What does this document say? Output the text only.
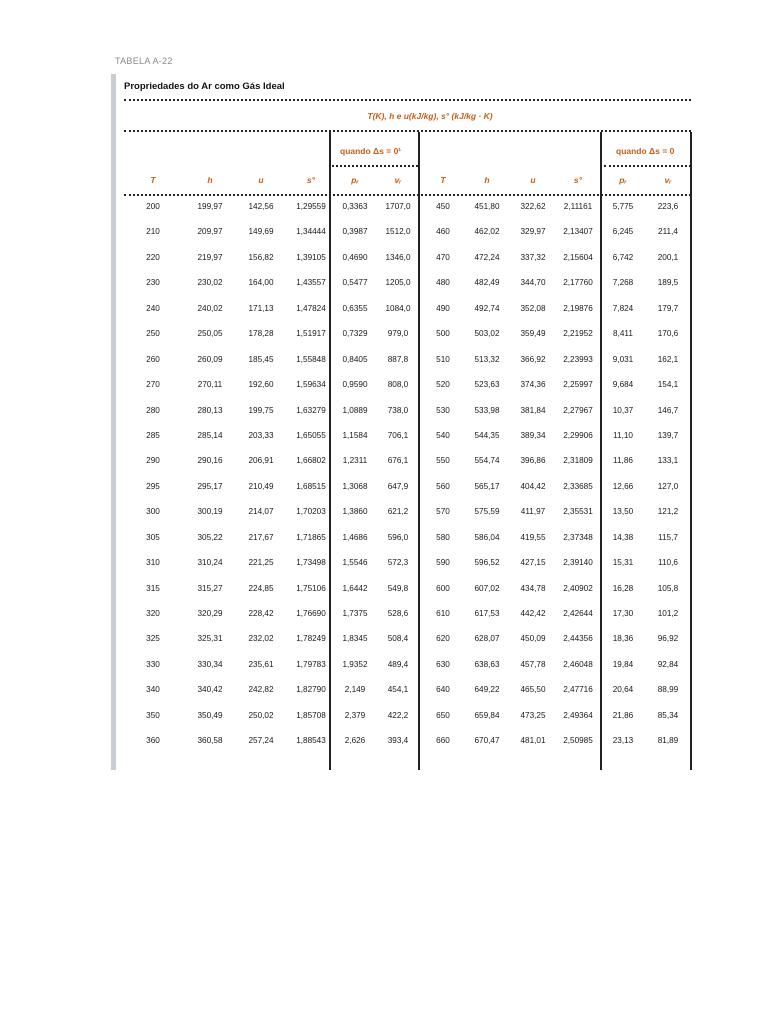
TABELA A-22
Propriedades do Ar como Gás Ideal
T(K), h e u(kJ/kg), s° (kJ/kg · K)
quando Δs = 0¹	quando Δs = 0
T	h	u	s°	pᵣ	vᵣ	T	h	u	s°	pᵣ	vᵣ
200	199,97	142,56	1,29559	0,3363	1707,0	450	451,80	322,62	2,11161	5,775	223,6
210	209,97	149,69	1,34444	0,3987	1512,0	460	462,02	329,97	2,13407	6,245	211,4
220	219,97	156,82	1,39105	0,4690	1346,0	470	472,24	337,32	2,15604	6,742	200,1
230	230,02	164,00	1,43557	0,5477	1205,0	480	482,49	344,70	2,17760	7,268	189,5
240	240,02	171,13	1,47824	0,6355	1084,0	490	492,74	352,08	2,19876	7,824	179,7
250	250,05	178,28	1,51917	0,7329	979,0	500	503,02	359,49	2,21952	8,411	170,6
260	260,09	185,45	1,55848	0,8405	887,8	510	513,32	366,92	2,23993	9,031	162,1
270	270,11	192,60	1,59634	0,9590	808,0	520	523,63	374,36	2,25997	9,684	154,1
280	280,13	199,75	1,63279	1,0889	738,0	530	533,98	381,84	2,27967	10,37	146,7
285	285,14	203,33	1,65055	1,1584	706,1	540	544,35	389,34	2,29906	11,10	139,7
290	290,16	206,91	1,66802	1,2311	676,1	550	554,74	396,86	2,31809	11,86	133,1
295	295,17	210,49	1,68515	1,3068	647,9	560	565,17	404,42	2,33685	12,66	127,0
300	300,19	214,07	1,70203	1,3860	621,2	570	575,59	411,97	2,35531	13,50	121,2
305	305,22	217,67	1,71865	1,4686	596,0	580	586,04	419,55	2,37348	14,38	115,7
310	310,24	221,25	1,73498	1,5546	572,3	590	596,52	427,15	2,39140	15,31	110,6
315	315,27	224,85	1,75106	1,6442	549,8	600	607,02	434,78	2,40902	16,28	105,8
320	320,29	228,42	1,76690	1,7375	528,6	610	617,53	442,42	2,42644	17,30	101,2
325	325,31	232,02	1,78249	1,8345	508,4	620	628,07	450,09	2,44356	18,36	96,92
330	330,34	235,61	1,79783	1,9352	489,4	630	638,63	457,78	2,46048	19,84	92,84
340	340,42	242,82	1,82790	2,149	454,1	640	649,22	465,50	2,47716	20,64	88,99
350	350,49	250,02	1,85708	2,379	422,2	650	659,84	473,25	2,49364	21,86	85,34
360	360,58	257,24	1,88543	2,626	393,4	660	670,47	481,01	2,50985	23,13	81,89
